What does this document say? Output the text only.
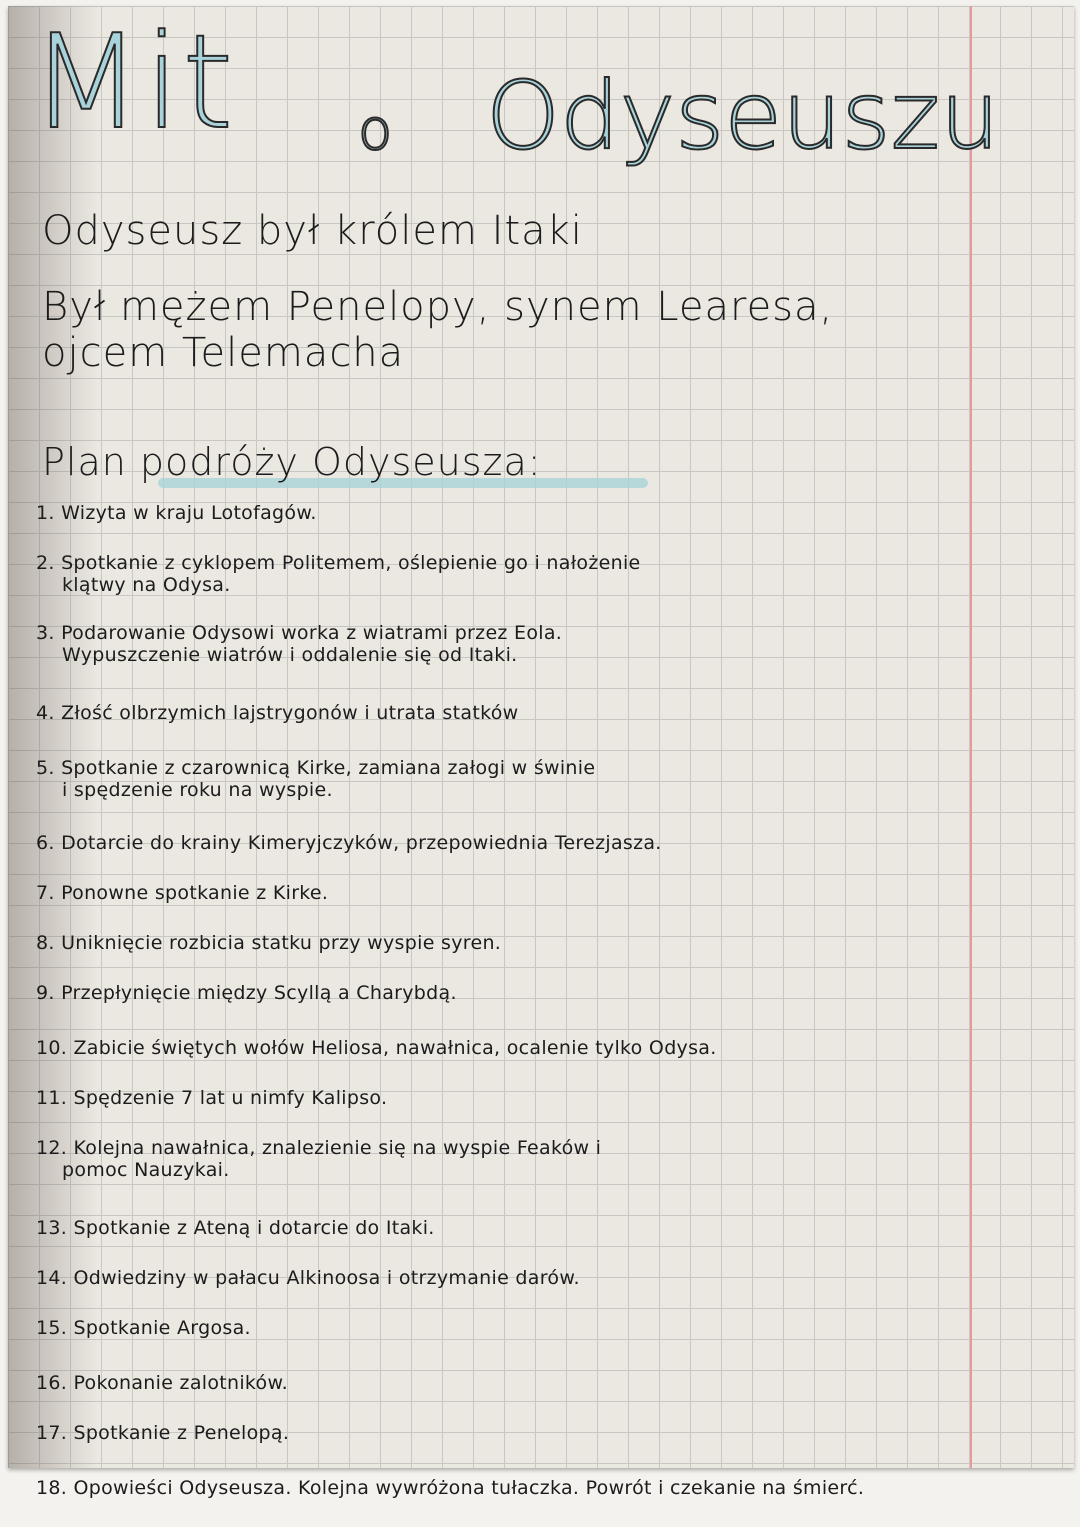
Mit o Odyseuszu
Odyseusz był królem Itaki
Był mężem Penelopy, synem Learesa,
ojcem Telemacha
Plan podróży Odyseusza:
1. Wizyta w kraju Lotofagów.
2. Spotkanie z cyklopem Politemem, oślepienie go i nałożenie
klątwy na Odysa.
3. Podarowanie Odysowi worka z wiatrami przez Eola.
Wypuszczenie wiatrów i oddalenie się od Itaki.
4. Złość olbrzymich lajstrygonów i utrata statków
5. Spotkanie z czarownicą Kirke, zamiana załogi w świnie
i spędzenie roku na wyspie.
6. Dotarcie do krainy Kimeryjczyków, przepowiednia Terezjasza.
7. Ponowne spotkanie z Kirke.
8. Uniknięcie rozbicia statku przy wyspie syren.
9. Przepłynięcie między Scyllą a Charybdą.
10. Zabicie świętych wołów Heliosa, nawałnica, ocalenie tylko Odysa.
11. Spędzenie 7 lat u nimfy Kalipso.
12. Kolejna nawałnica, znalezienie się na wyspie Feaków i
pomoc Nauzykai.
13. Spotkanie z Ateną i dotarcie do Itaki.
14. Odwiedziny w pałacu Alkinoosa i otrzymanie darów.
15. Spotkanie Argosa.
16. Pokonanie zalotników.
17. Spotkanie z Penelopą.
18. Opowieści Odyseusza. Kolejna wywróżona tułaczka. Powrót i czekanie na śmierć.
